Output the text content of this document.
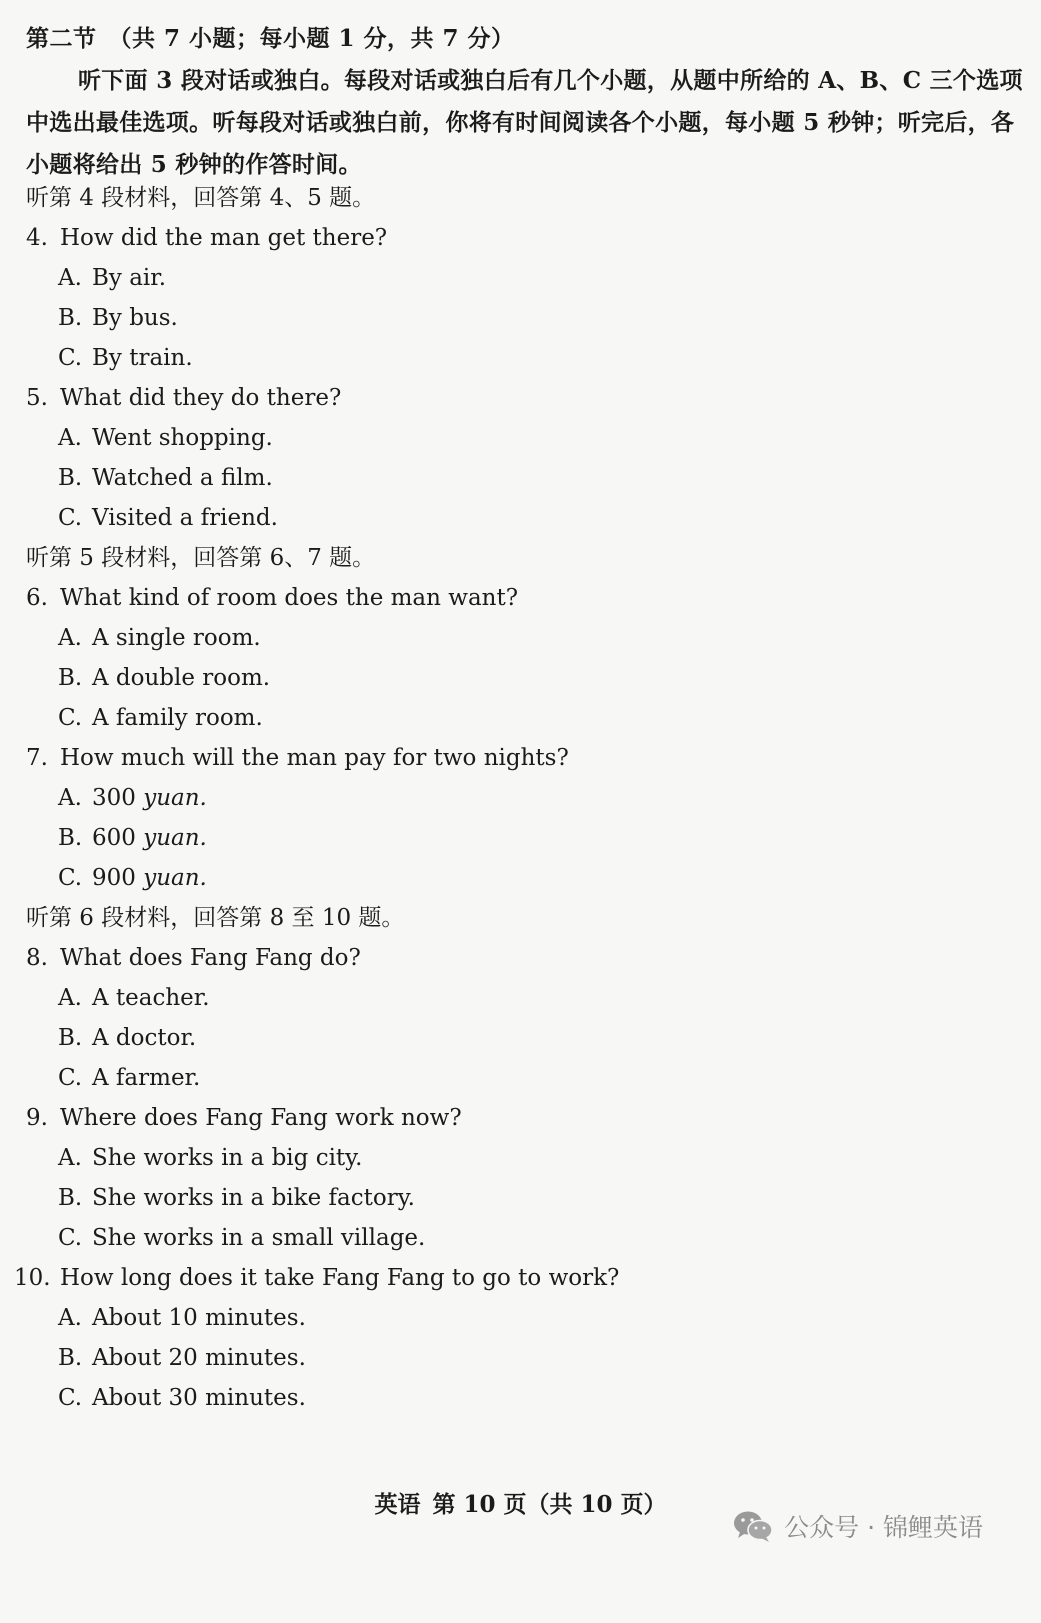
第二节　（共 7 小题；每小题 1 分，共 7 分）
听下面 3 段对话或独白。每段对话或独白后有几个小题，从题中所给的 A、B、C 三个选项中选出最佳选项。听每段对话或独白前，你将有时间阅读各个小题，每小题 5 秒钟；听完后，各小题将给出 5 秒钟的作答时间。
听第 4 段材料，回答第 4、5 题。
4. How did the man get there?
A. By air.
B. By bus.
C. By train.
5. What did they do there?
A. Went shopping.
B. Watched a film.
C. Visited a friend.
听第 5 段材料，回答第 6、7 题。
6. What kind of room does the man want?
A. A single room.
B. A double room.
C. A family room.
7. How much will the man pay for two nights?
A. 300 yuan.
B. 600 yuan.
C. 900 yuan.
听第 6 段材料，回答第 8 至 10 题。
8. What does Fang Fang do?
A. A teacher.
B. A doctor.
C. A farmer.
9. Where does Fang Fang work now?
A. She works in a big city.
B. She works in a bike factory.
C. She works in a small village.
10. How long does it take Fang Fang to go to work?
A. About 10 minutes.
B. About 20 minutes.
C. About 30 minutes.
英语 第 10 页（共 10 页）
公众号 · 锦鲤英语
